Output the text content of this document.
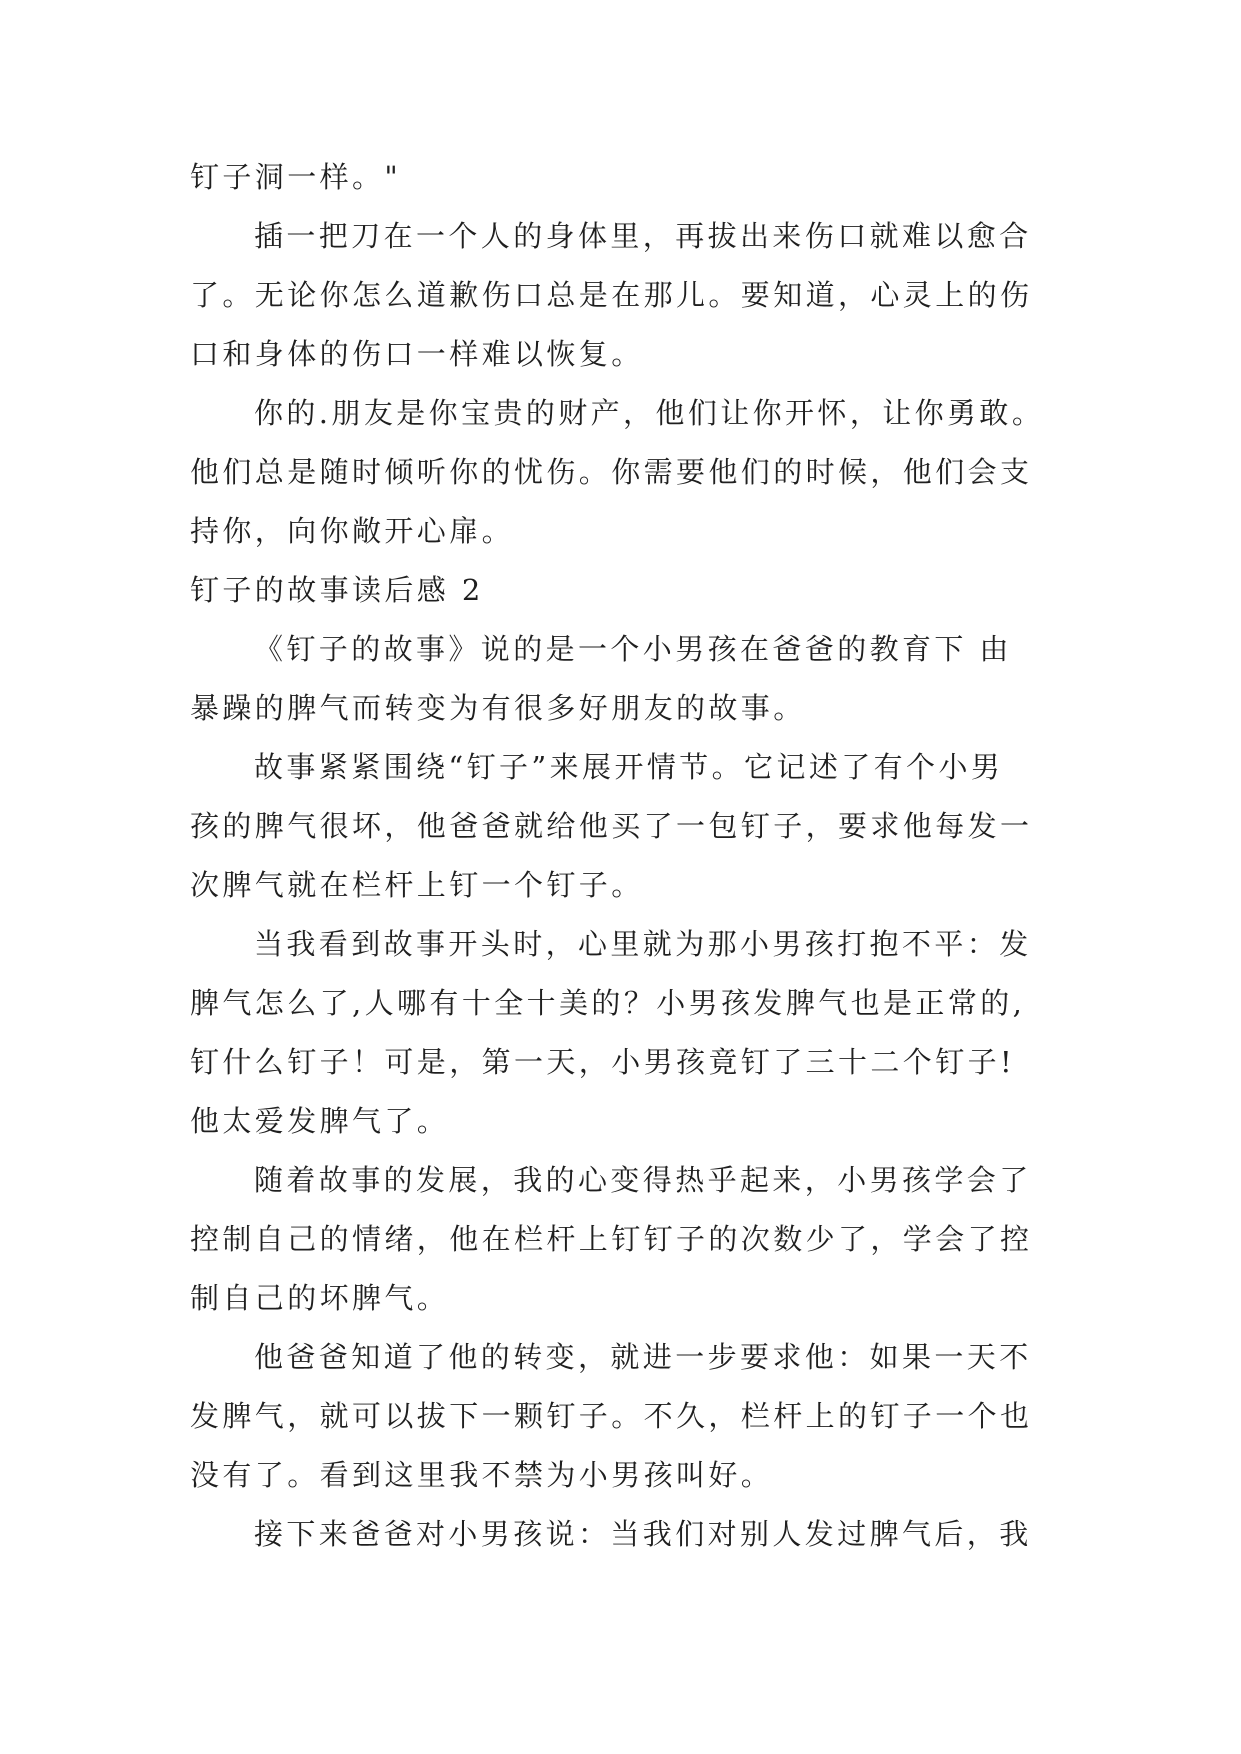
钉子洞一样。"
插一把刀在一个人的身体里，再拔出来伤口就难以愈合
了。无论你怎么道歉伤口总是在那儿。要知道，心灵上的伤
口和身体的伤口一样难以恢复。
你的.朋友是你宝贵的财产，他们让你开怀，让你勇敢。
他们总是随时倾听你的忧伤。你需要他们的时候，他们会支
持你，向你敞开心扉。
钉子的故事读后感 2
《钉子的故事》说的是一个小男孩在爸爸的教育下 由
暴躁的脾气而转变为有很多好朋友的故事。
故事紧紧围绕“钉子”来展开情节。它记述了有个小男
孩的脾气很坏，他爸爸就给他买了一包钉子，要求他每发一
次脾气就在栏杆上钉一个钉子。
当我看到故事开头时，心里就为那小男孩打抱不平：发
脾气怎么了,人哪有十全十美的？小男孩发脾气也是正常的,
钉什么钉子！可是，第一天，小男孩竟钉了三十二个钉子!
他太爱发脾气了。
随着故事的发展，我的心变得热乎起来，小男孩学会了
控制自己的情绪，他在栏杆上钉钉子的次数少了，学会了控
制自己的坏脾气。
他爸爸知道了他的转变，就进一步要求他：如果一天不
发脾气，就可以拔下一颗钉子。不久，栏杆上的钉子一个也
没有了。看到这里我不禁为小男孩叫好。
接下来爸爸对小男孩说：当我们对别人发过脾气后，我
